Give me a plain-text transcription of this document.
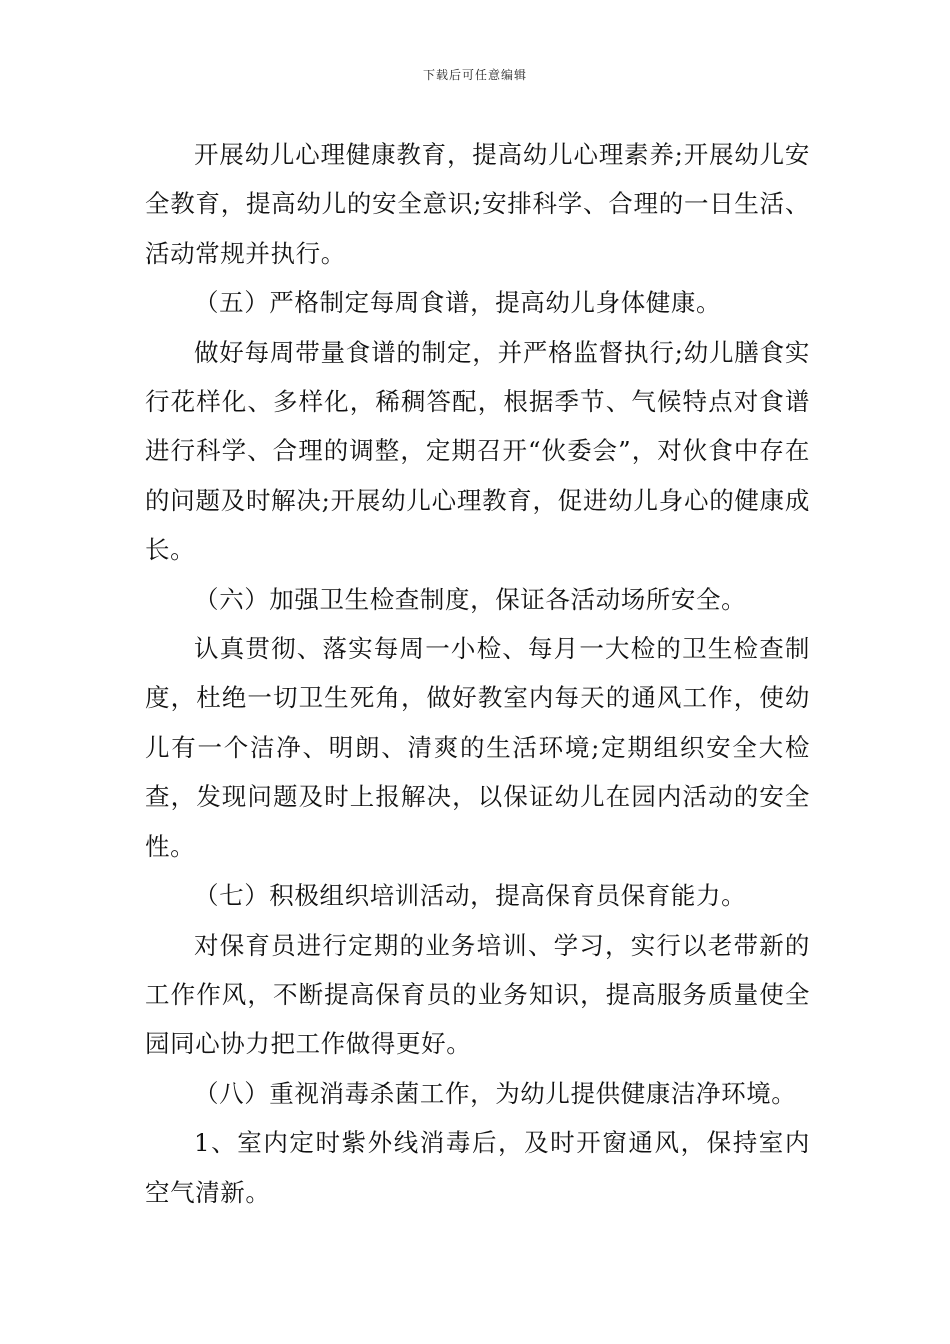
下载后可任意编辑

开展幼儿心理健康教育，提高幼儿心理素养;开展幼儿安全教育，提高幼儿的安全意识;安排科学、合理的一日生活、活动常规并执行。

（五）严格制定每周食谱，提高幼儿身体健康。

做好每周带量食谱的制定，并严格监督执行;幼儿膳食实行花样化、多样化，稀稠答配，根据季节、气候特点对食谱进行科学、合理的调整，定期召开“伙委会”，对伙食中存在的问题及时解决;开展幼儿心理教育，促进幼儿身心的健康成长。

（六）加强卫生检查制度，保证各活动场所安全。

认真贯彻、落实每周一小检、每月一大检的卫生检查制度，杜绝一切卫生死角，做好教室内每天的通风工作，使幼儿有一个洁净、明朗、清爽的生活环境;定期组织安全大检查，发现问题及时上报解决，以保证幼儿在园内活动的安全性。

（七）积极组织培训活动，提高保育员保育能力。

对保育员进行定期的业务培训、学习，实行以老带新的工作作风，不断提高保育员的业务知识，提高服务质量使全园同心协力把工作做得更好。

（八）重视消毒杀菌工作，为幼儿提供健康洁净环境。

1、室内定时紫外线消毒后，及时开窗通风，保持室内空气清新。
